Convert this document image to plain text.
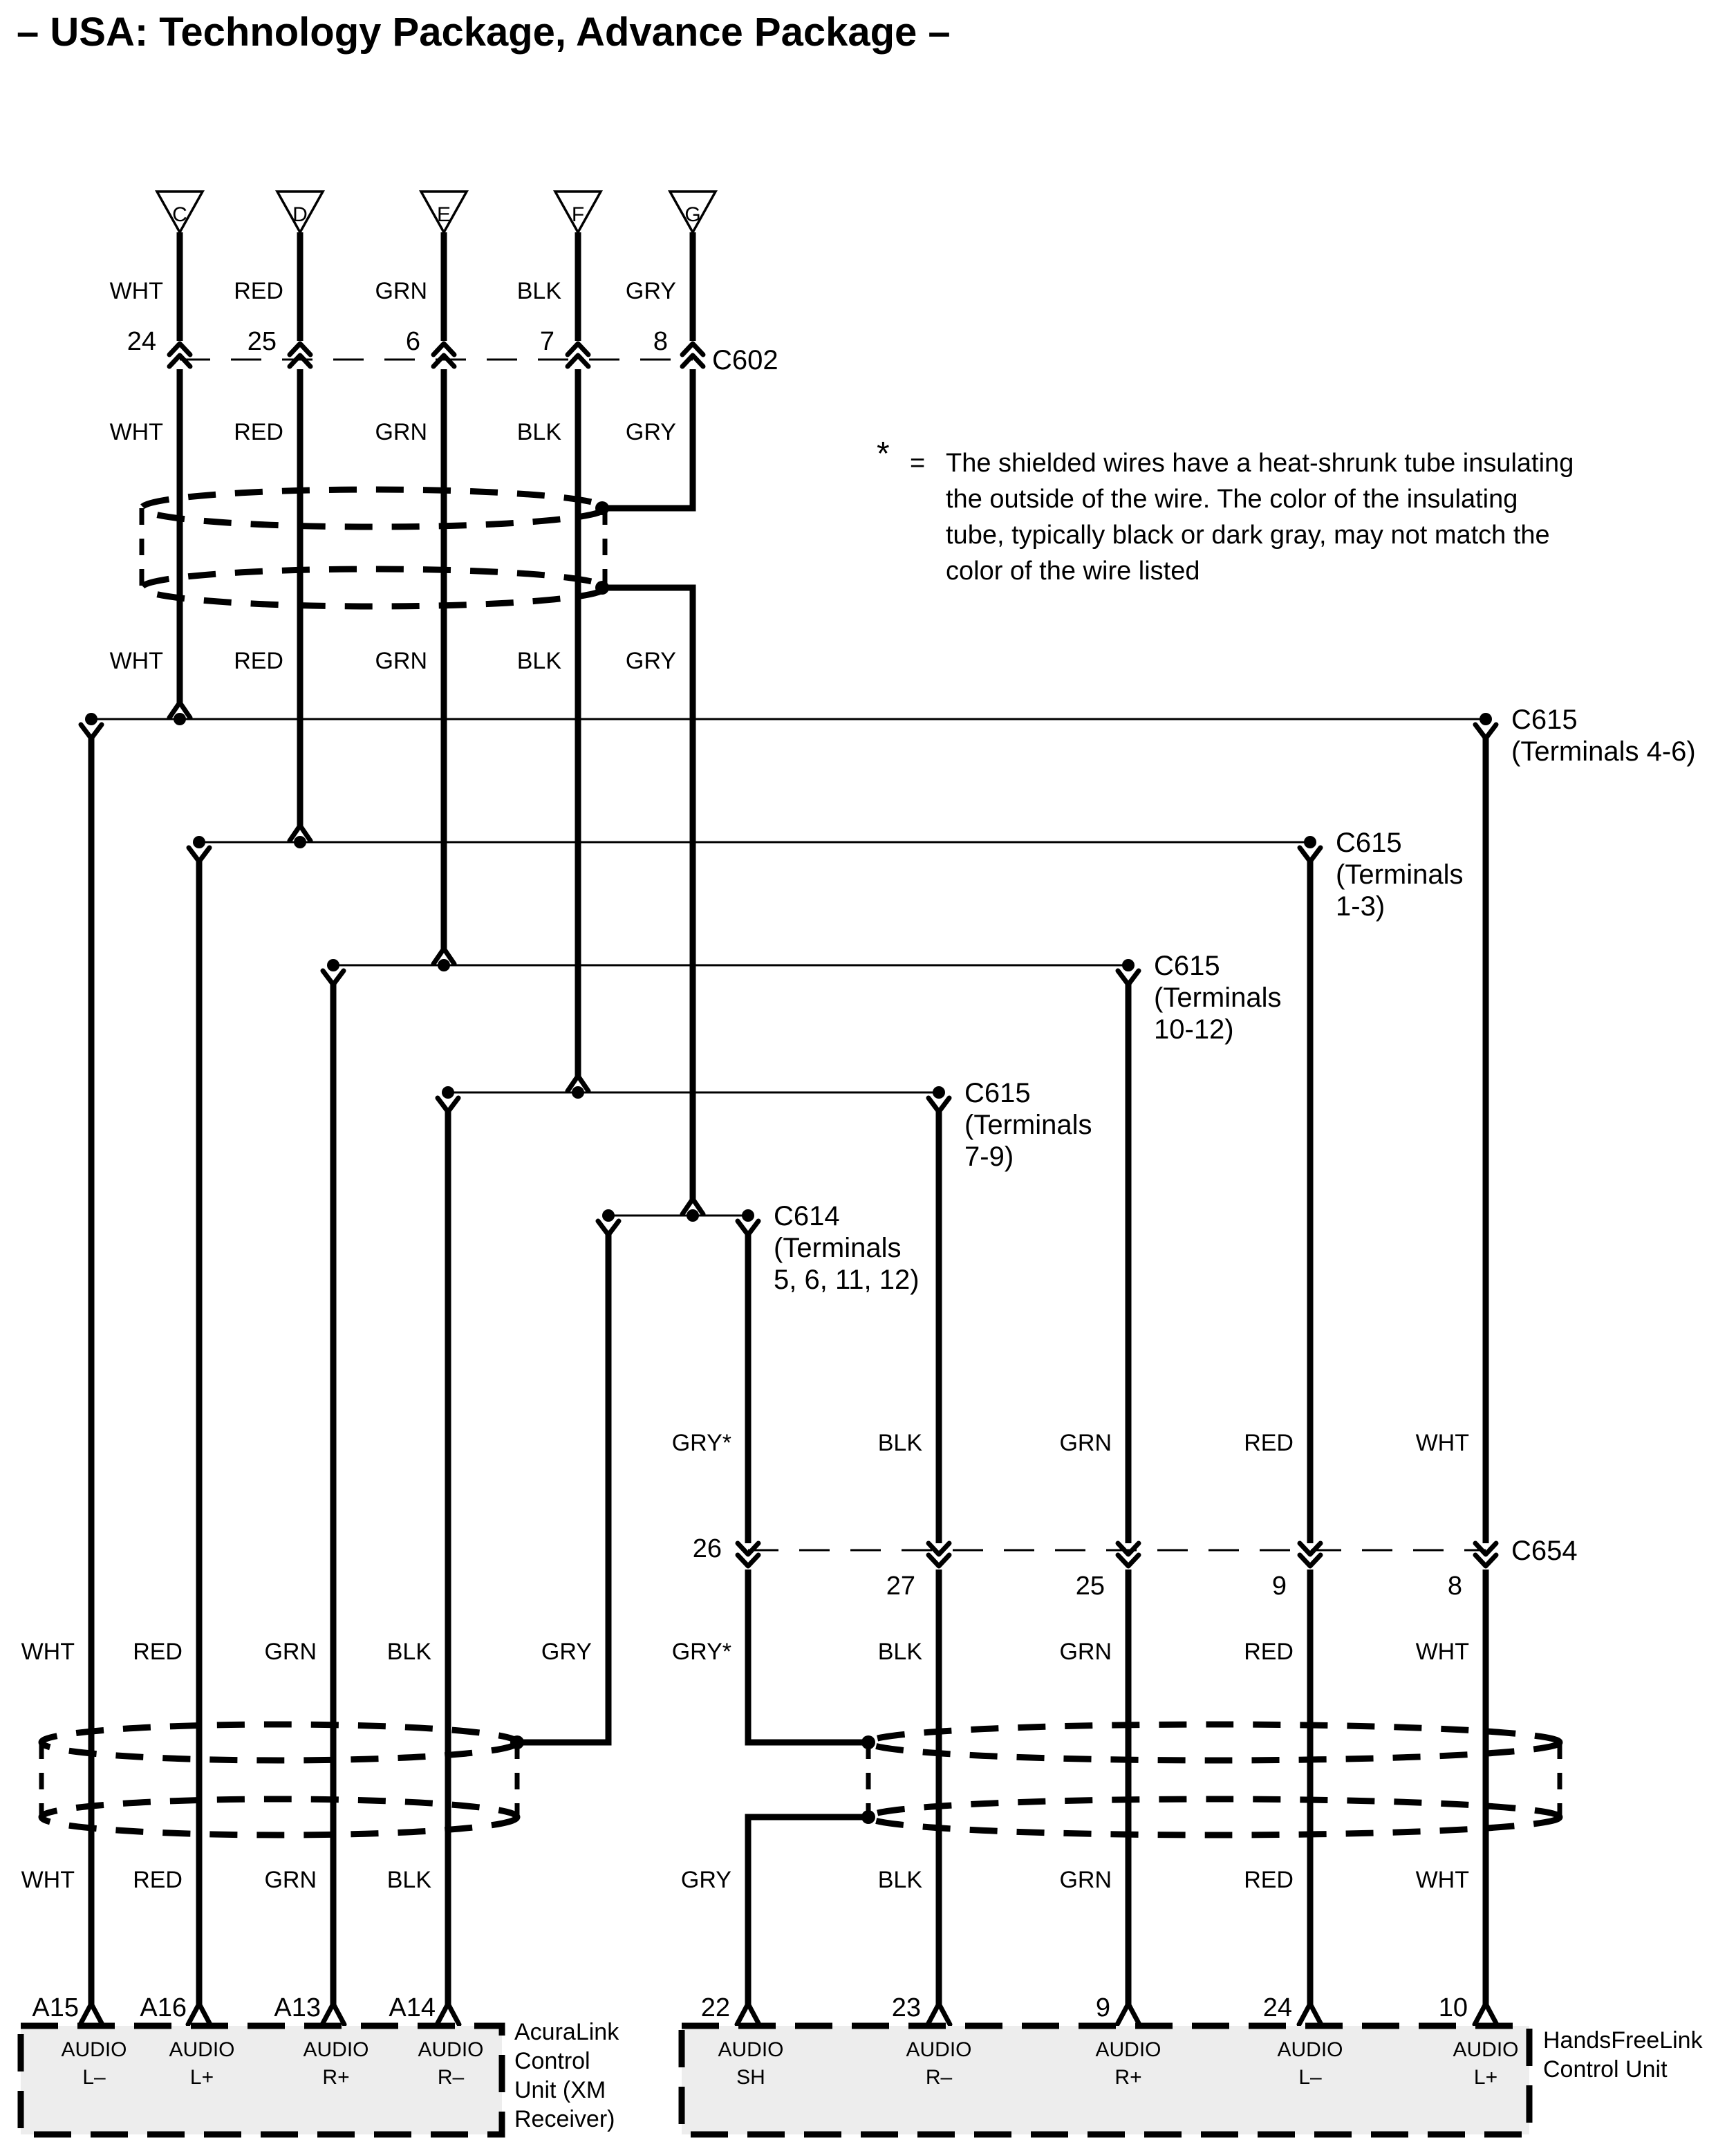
– USA: Technology Package, Advance Package –
* = The shielded wires have a heat-shrunk tube insulating
the outside of the wire. The color of the insulating
tube, typically black or dark gray, may not match the
color of the wire listed
C	D	E	F	G
WHT	RED	GRN	BLK	GRY
24	25	6	7	8
C602
WHT	RED	GRN	BLK	GRY
WHT	RED	GRN	BLK	GRY
C615
(Terminals 4-6)
C615
(Terminals
1-3)
C615
(Terminals
10-12)
C615
(Terminals
7-9)
C614
(Terminals
5, 6, 11, 12)
GRY*	BLK	GRN	RED	WHT
26
27	25	9	8
C654
WHT RED	GRN	BLK	GRY	GRY*	BLK	GRN	RED	WHT
WHT RED	GRN	BLK	GRY	BLK	GRN	RED	WHT
A15 A16	A13	A14	22	23	9	24	10
AUDIO
L–
AUDIO
L+
AUDIO
R+
AUDIO
R–
AcuraLink
Control
Unit (XM
Receiver)
AUDIO
SH
AUDIO
R–
AUDIO
R+
AUDIO
L–
AUDIO
L+
HandsFreeLink
Control Unit
